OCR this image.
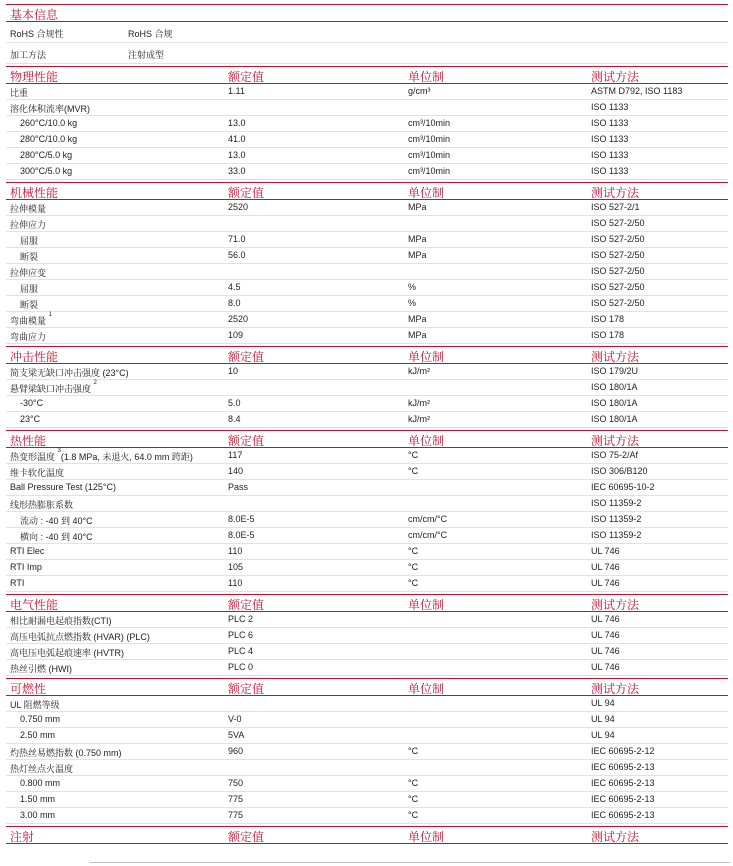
基本信息
RoHS 合规性	RoHS 合规
加工方法	注射成型
物理性能	额定值	单位制	测试方法
比重	1.11	g/cm³	ASTM D792, ISO 1183
溶化体积流率(MVR)	ISO 1133
260°C/10.0 kg	13.0	cm³/10min	ISO 1133
280°C/10.0 kg	41.0	cm³/10min	ISO 1133
280°C/5.0 kg	13.0	cm³/10min	ISO 1133
300°C/5.0 kg	33.0	cm³/10min	ISO 1133
机械性能	额定值	单位制	测试方法
拉伸模量	2520	MPa	ISO 527-2/1
拉伸应力	ISO 527-2/50
屈服	71.0	MPa	ISO 527-2/50
断裂	56.0	MPa	ISO 527-2/50
拉伸应变	ISO 527-2/50
屈服	4.5	%	ISO 527-2/50
断裂	8.0	%	ISO 527-2/50
弯曲模量 $^1$	2520	MPa	ISO 178
弯曲应力	109	MPa	ISO 178
冲击性能	额定值	单位制	测试方法
简支梁无缺口冲击强度 (23°C)	10	kJ/m²	ISO 179/2U
悬臂梁缺口冲击强度 $^2$	ISO 180/1A
-30°C	5.0	kJ/m²	ISO 180/1A
23°C	8.4	kJ/m²	ISO 180/1A
热性能	额定值	单位制	测试方法
热变形温度 $^3$(1.8 MPa, 未退火, 64.0 mm 跨距)	117	°C	ISO 75-2/Af
维卡软化温度	140	°C	ISO 306/B120
Ball Pressure Test (125°C)	Pass	IEC 60695-10-2
线形热膨胀系数	ISO 11359-2
流动 : -40 到 40°C	8.0E-5	cm/cm/°C	ISO 11359-2
横向 : -40 到 40°C	8.0E-5	cm/cm/°C	ISO 11359-2
RTI Elec	110	°C	UL 746
RTI Imp	105	°C	UL 746
RTI	110	°C	UL 746
电气性能	额定值	单位制	测试方法
相比耐漏电起痕指数(CTI)	PLC 2	UL 746
高压电弧抗点燃指数 (HVAR) (PLC)	PLC 6	UL 746
高电压电弧起痕速率 (HVTR)	PLC 4	UL 746
热丝引燃 (HWI)	PLC 0	UL 746
可燃性	额定值	单位制	测试方法
UL 阻燃等级	UL 94
0.750 mm	V-0	UL 94
2.50 mm	5VA	UL 94
灼热丝易燃指数 (0.750 mm)	960	°C	IEC 60695-2-12
热灯丝点火温度	IEC 60695-2-13
0.800 mm	750	°C	IEC 60695-2-13
1.50 mm	775	°C	IEC 60695-2-13
3.00 mm	775	°C	IEC 60695-2-13
注射	额定值	单位制	测试方法
